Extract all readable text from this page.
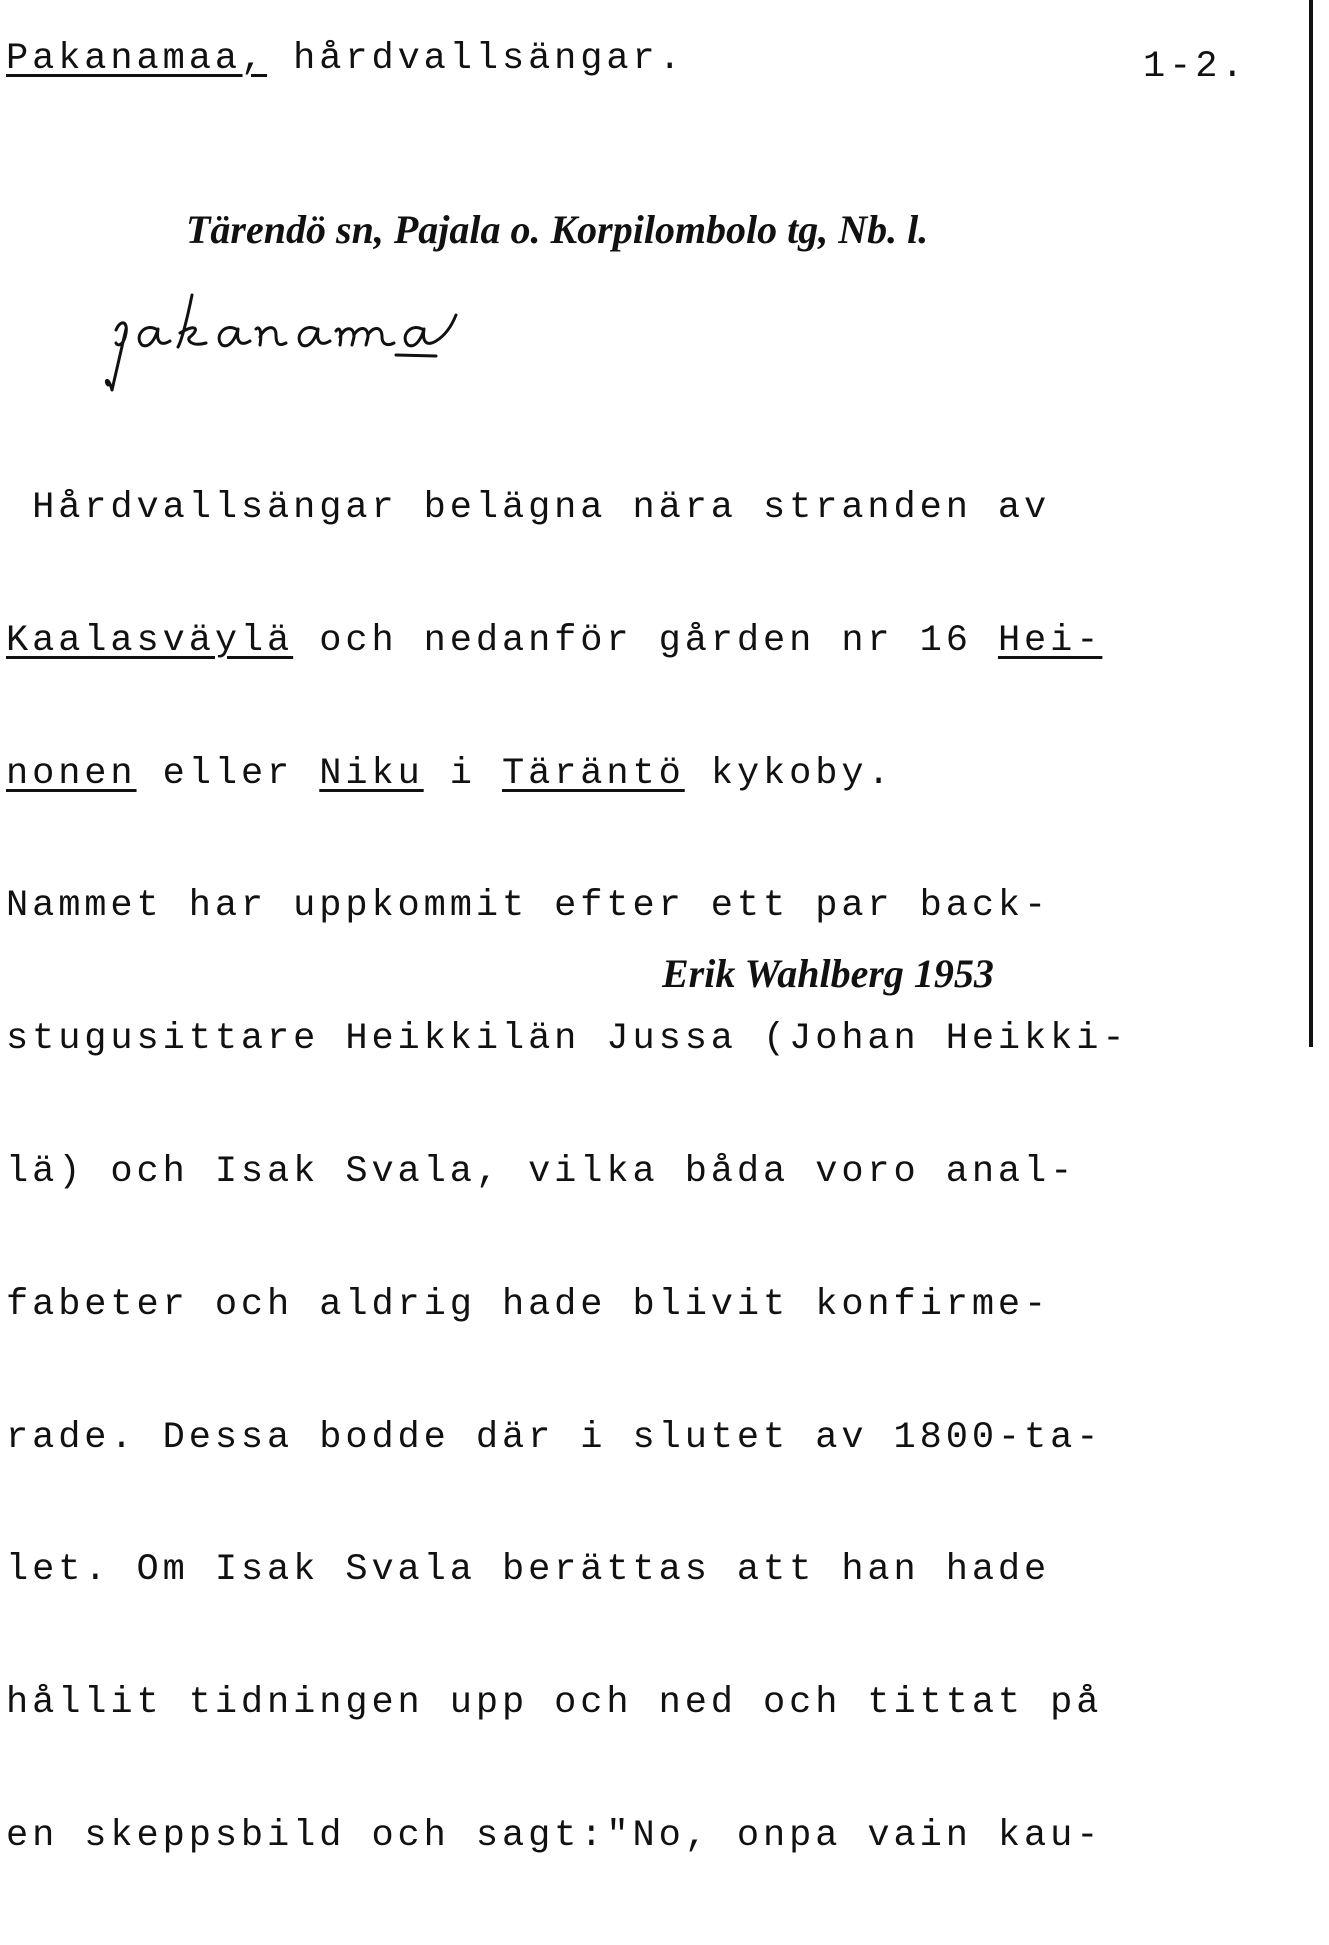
Pakanamaa, hårdvallsängar.	1-2.
Tärendö sn, Pajala o. Korpilombolo tg, Nb. l.

Hårdvallsängar belägna nära stranden av

Kaalasväylä och nedanför gården nr 16 Hei-

nonen eller Niku i Täräntö kykoby.

Nammet har uppkommit efter ett par back-

stugusittare Heikkilän Jussa (Johan Heikki-

lä) och Isak Svala, vilka båda voro anal-

fabeter och aldrig hade blivit konfirme-

rade. Dessa bodde där i slutet av 1800-ta-

let. Om Isak Svala berättas att han hade

hållit tidningen upp och ned och tittat på

en skeppsbild och sagt:"No, onpa vain kau-

Erik Wahlberg 1953
